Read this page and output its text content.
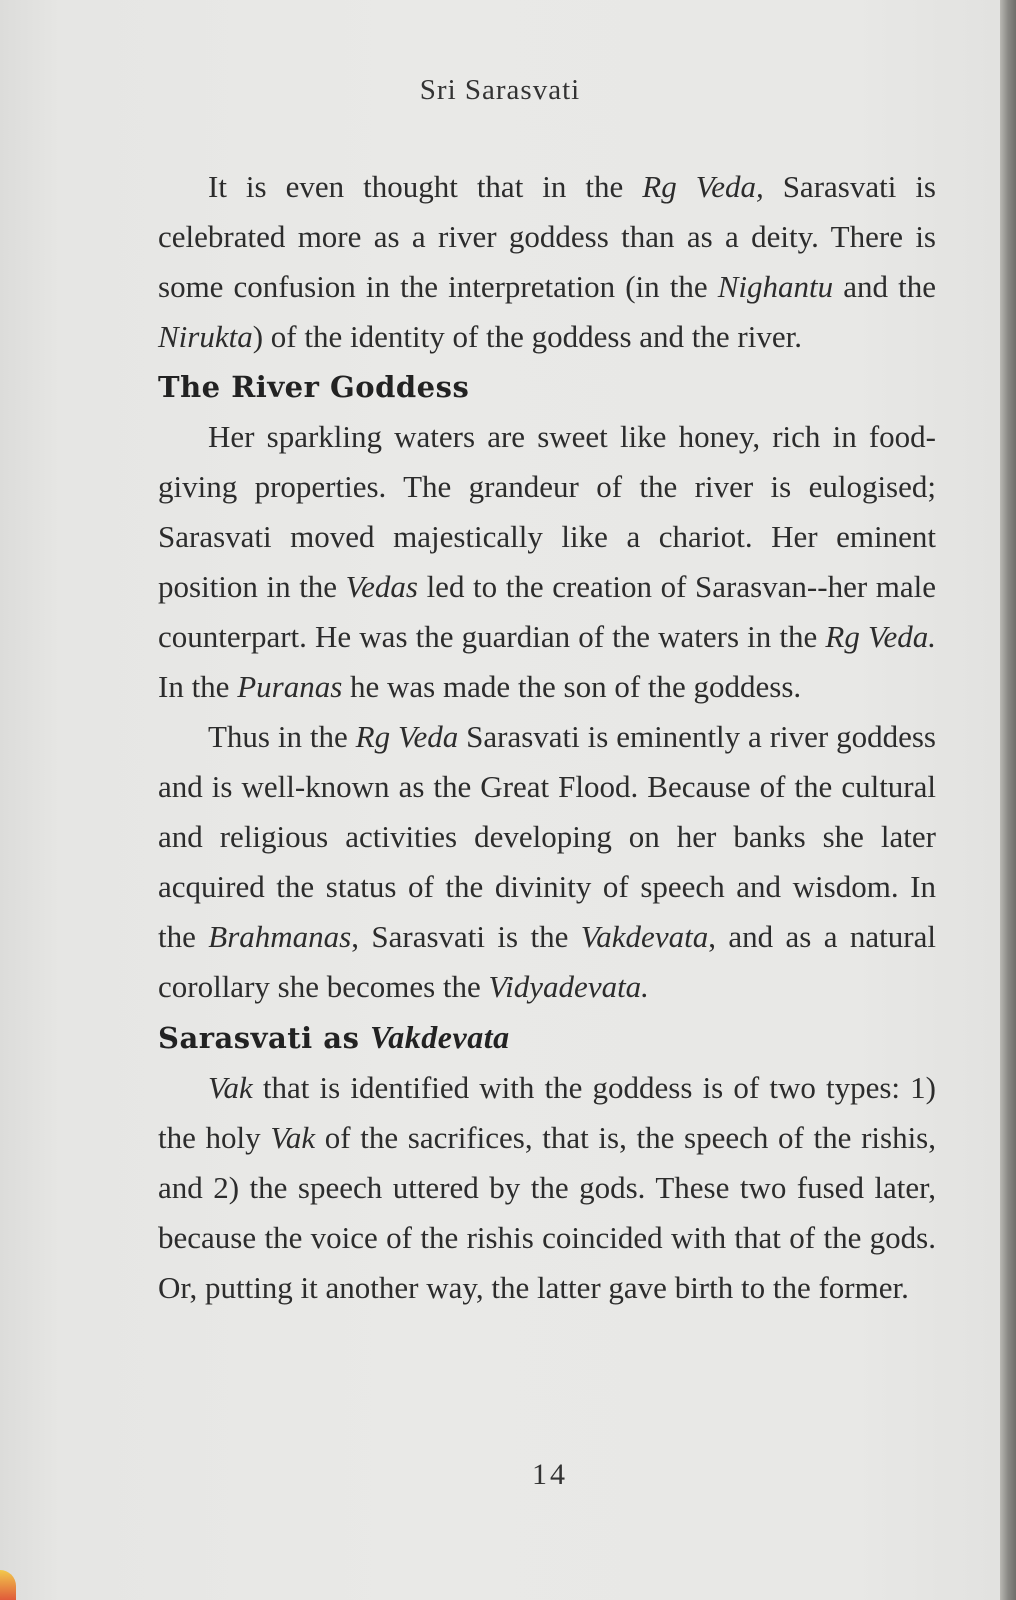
Sri Sarasvati

It is even thought that in the Rg Veda, Sarasvati is celebrated more as a river goddess than as a deity. There is some confusion in the interpretation (in the Nighantu and the Nirukta) of the identity of the goddess and the river.

The River Goddess

Her sparkling waters are sweet like honey, rich in food-giving properties. The grandeur of the river is eulogised; Sarasvati moved majestically like a chariot. Her eminent position in the Vedas led to the creation of Sarasvan--her male counterpart. He was the guardian of the waters in the Rg Veda. In the Puranas he was made the son of the goddess.

Thus in the Rg Veda Sarasvati is eminently a river goddess and is well-known as the Great Flood. Because of the cultural and religious activities developing on her banks she later acquired the status of the divinity of speech and wisdom. In the Brahmanas, Sarasvati is the Vakdevata, and as a natural corollary she becomes the Vidyadevata.

Sarasvati as Vakdevata

Vak that is identified with the goddess is of two types: 1) the holy Vak of the sacrifices, that is, the speech of the rishis, and 2) the speech uttered by the gods. These two fused later, because the voice of the rishis coincided with that of the gods. Or, putting it another way, the latter gave birth to the former.

14
